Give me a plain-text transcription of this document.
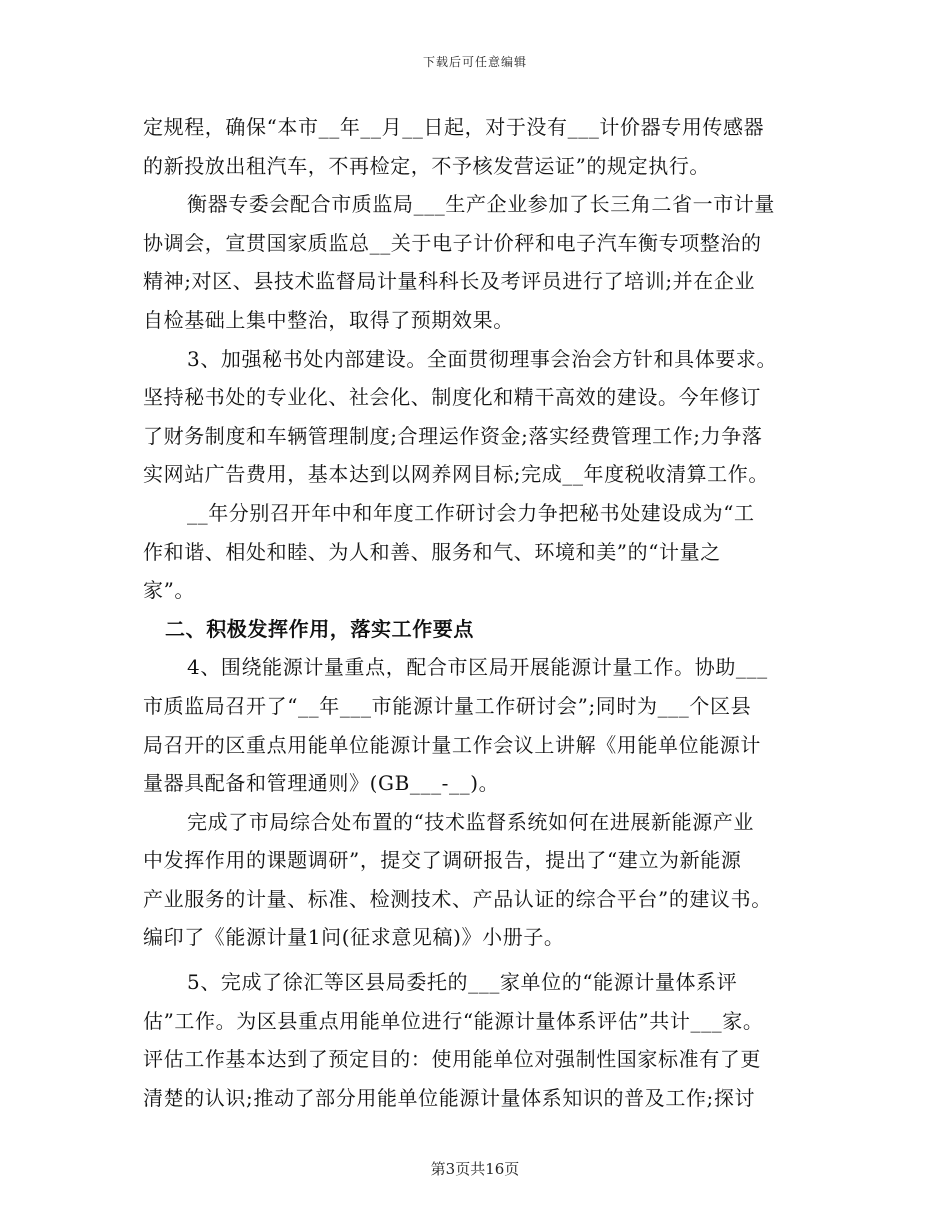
下载后可任意编辑
定规程，确保“本市__年__月__日起，对于没有___计价器专用传感器
的新投放出租汽车，不再检定，不予核发营运证”的规定执行。
衡器专委会配合市质监局___生产企业参加了长三角二省一市计量
协调会，宣贯国家质监总__关于电子计价秤和电子汽车衡专项整治的
精神;对区、县技术监督局计量科科长及考评员进行了培训;并在企业
自检基础上集中整治，取得了预期效果。
3、加强秘书处内部建设。全面贯彻理事会治会方针和具体要求。
坚持秘书处的专业化、社会化、制度化和精干高效的建设。今年修订
了财务制度和车辆管理制度;合理运作资金;落实经费管理工作;力争落
实网站广告费用，基本达到以网养网目标;完成__年度税收清算工作。
__年分别召开年中和年度工作研讨会力争把秘书处建设成为“工
作和谐、相处和睦、为人和善、服务和气、环境和美”的“计量之
家”。
二、积极发挥作用，落实工作要点
4、围绕能源计量重点，配合市区局开展能源计量工作。协助___
市质监局召开了“__年___市能源计量工作研讨会”;同时为___个区县
局召开的区重点用能单位能源计量工作会议上讲解《用能单位能源计
量器具配备和管理通则》(GB___-__)。
完成了市局综合处布置的“技术监督系统如何在进展新能源产业
中发挥作用的课题调研”，提交了调研报告，提出了“建立为新能源
产业服务的计量、标准、检测技术、产品认证的综合平台”的建议书。
编印了《能源计量1问(征求意见稿)》小册子。
5、完成了徐汇等区县局委托的___家单位的“能源计量体系评
估”工作。为区县重点用能单位进行“能源计量体系评估”共计___家。
评估工作基本达到了预定目的：使用能单位对强制性国家标准有了更
清楚的认识;推动了部分用能单位能源计量体系知识的普及工作;探讨
第3页共16页
